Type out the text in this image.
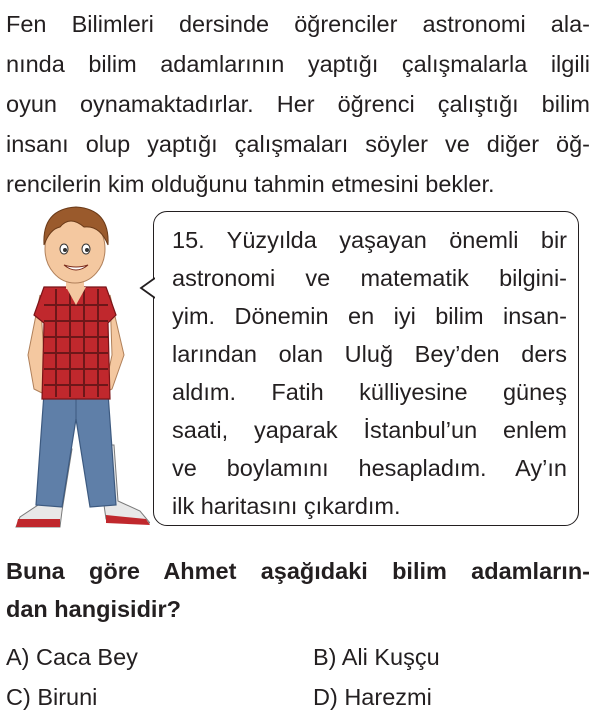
Fen Bilimleri dersinde öğrenciler astronomi ala-
nında bilim adamlarının yaptığı çalışmalarla ilgili
oyun oynamaktadırlar. Her öğrenci çalıştığı bilim
insanı olup yaptığı çalışmaları söyler ve diğer öğ-
rencilerin kim olduğunu tahmin etmesini bekler.
15. Yüzyılda yaşayan önemli bir
astronomi ve matematik bilgini-
yim. Dönemin en iyi bilim insan-
larından olan Uluğ Bey’den ders
aldım. Fatih külliyesine güneş
saati, yaparak İstanbul’un enlem
ve boylamını hesapladım. Ay’ın
ilk haritasını çıkardım.
Buna göre Ahmet aşağıdaki bilim adamların-
dan hangisidir?
A) Caca Bey	B) Ali Kuşçu
C) Biruni	D) Harezmi
